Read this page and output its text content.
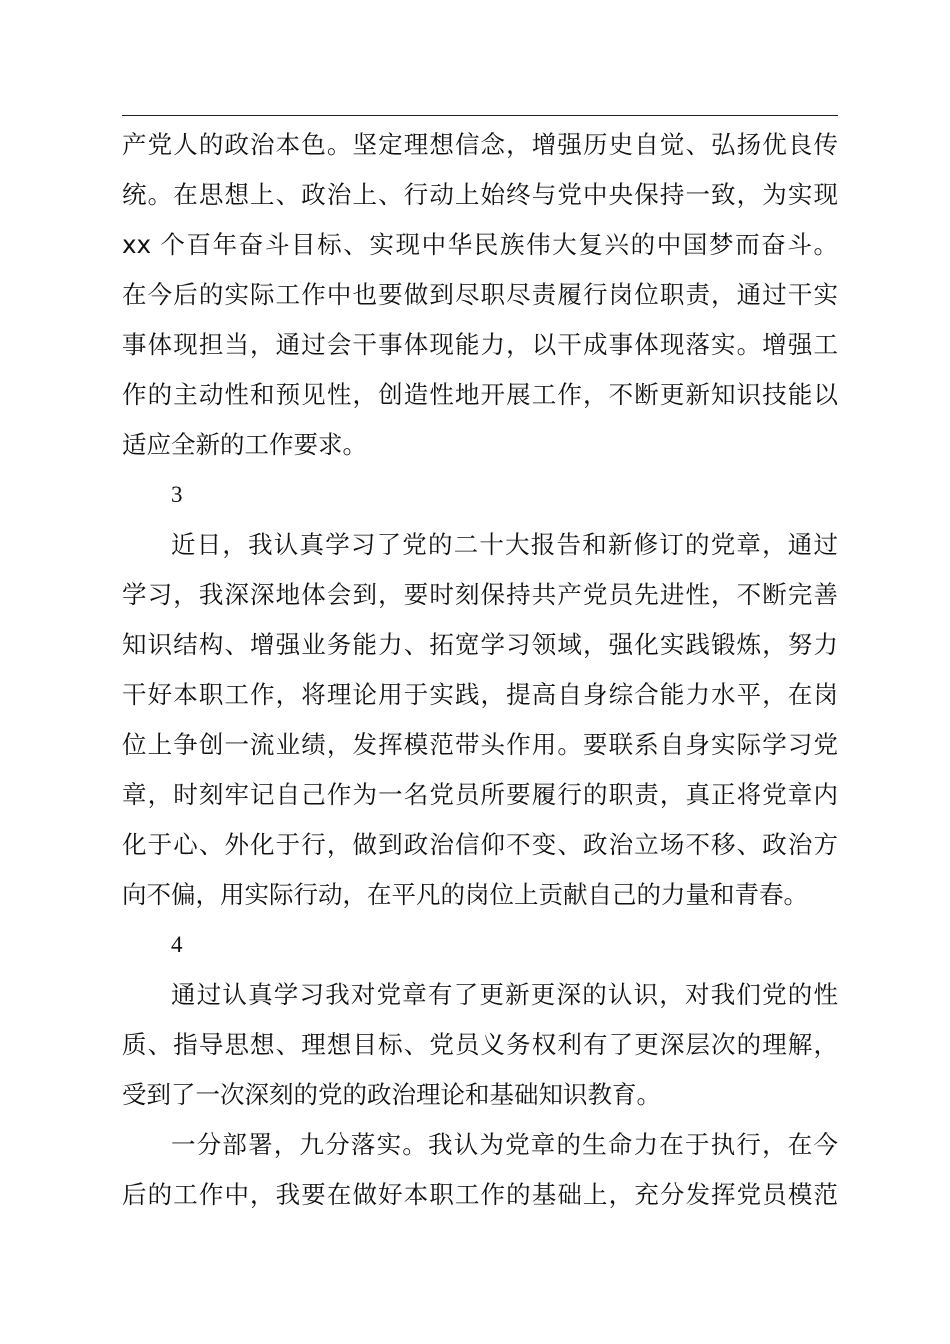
产党人的政治本色。坚定理想信念，增强历史自觉、弘扬优良传
统。在思想上、政治上、行动上始终与党中央保持一致，为实现
xx 个百年奋斗目标、实现中华民族伟大复兴的中国梦而奋斗。
在今后的实际工作中也要做到尽职尽责履行岗位职责，通过干实
事体现担当，通过会干事体现能力，以干成事体现落实。增强工
作的主动性和预见性，创造性地开展工作，不断更新知识技能以
适应全新的工作要求。
3
近日，我认真学习了党的二十大报告和新修订的党章，通过
学习，我深深地体会到，要时刻保持共产党员先进性，不断完善
知识结构、增强业务能力、拓宽学习领域，强化实践锻炼，努力
干好本职工作，将理论用于实践，提高自身综合能力水平，在岗
位上争创一流业绩，发挥模范带头作用。要联系自身实际学习党
章，时刻牢记自己作为一名党员所要履行的职责，真正将党章内
化于心、外化于行，做到政治信仰不变、政治立场不移、政治方
向不偏，用实际行动，在平凡的岗位上贡献自己的力量和青春。
4
通过认真学习我对党章有了更新更深的认识，对我们党的性
质、指导思想、理想目标、党员义务权利有了更深层次的理解，
受到了一次深刻的党的政治理论和基础知识教育。
一分部署，九分落实。我认为党章的生命力在于执行，在今
后的工作中，我要在做好本职工作的基础上，充分发挥党员模范
